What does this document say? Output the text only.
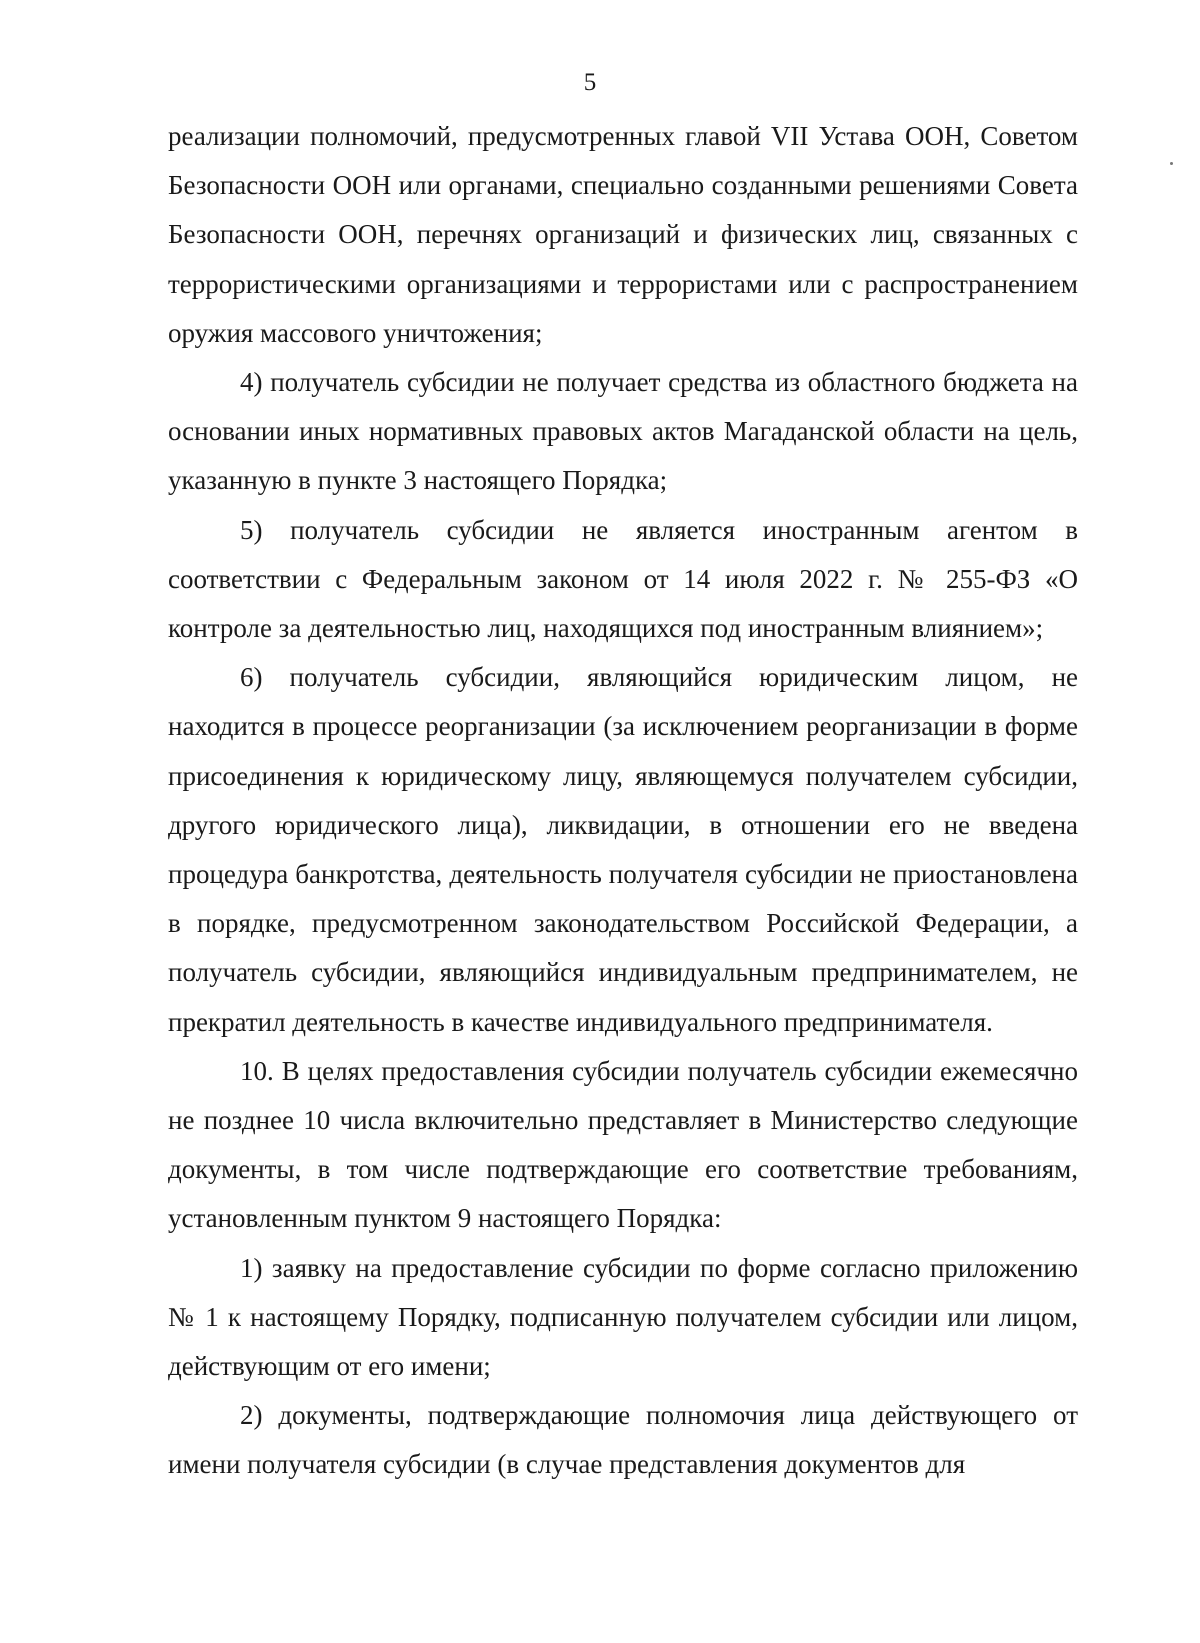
5

реализации полномочий, предусмотренных главой VII Устава ООН, Советом Безопасности ООН или органами, специально созданными решениями Совета Безопасности ООН, перечнях организаций и физических лиц, связанных с террористическими организациями и террористами или с распространением оружия массового уничтожения;

4) получатель субсидии не получает средства из областного бюджета на основании иных нормативных правовых актов Магаданской области на цель, указанную в пункте 3 настоящего Порядка;

5) получатель субсидии не является иностранным агентом в соответствии с Федеральным законом от 14 июля 2022 г. № 255-ФЗ «О контроле за деятельностью лиц, находящихся под иностранным влиянием»;

6) получатель субсидии, являющийся юридическим лицом, не находится в процессе реорганизации (за исключением реорганизации в форме присоединения к юридическому лицу, являющемуся получателем субсидии, другого юридического лица), ликвидации, в отношении его не введена процедура банкротства, деятельность получателя субсидии не приостановлена в порядке, предусмотренном законодательством Российской Федерации, а получатель субсидии, являющийся индивидуальным предпринимателем, не прекратил деятельность в качестве индивидуального предпринимателя.

10. В целях предоставления субсидии получатель субсидии ежемесячно не позднее 10 числа включительно представляет в Министерство следующие документы, в том числе подтверждающие его соответствие требованиям, установленным пунктом 9 настоящего Порядка:

1) заявку на предоставление субсидии по форме согласно приложению № 1 к настоящему Порядку, подписанную получателем субсидии или лицом, действующим от его имени;

2) документы, подтверждающие полномочия лица действующего от имени получателя субсидии (в случае представления документов для
